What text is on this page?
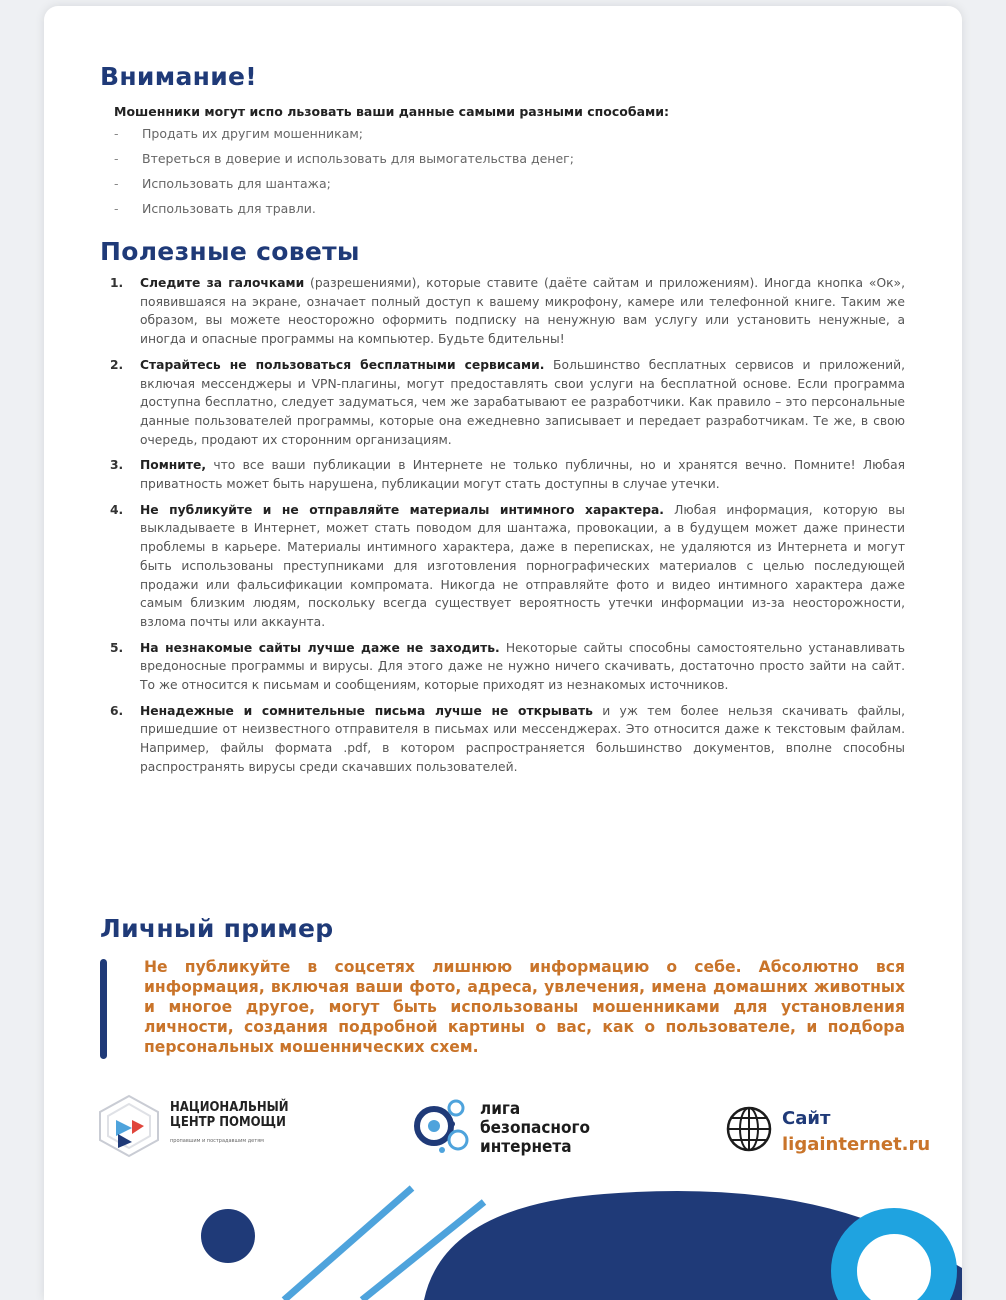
Внимание!
Мошенники могут испо льзовать ваши данные самыми разными способами:
- Продать их другим мошенникам;
- Втереться в доверие и использовать для вымогательства денег;
- Использовать для шантажа;
- Использовать для травли.
Полезные советы
1. Следите за галочками (разрешениями), которые ставите (даёте сайтам и приложениям). Иногда кнопка «Ок», появившаяся на экране, означает полный доступ к вашему микрофону, камере или телефонной книге. Таким же образом, вы можете неосторожно оформить подписку на ненужную вам услугу или установить ненужные, а иногда и опасные программы на компьютер. Будьте бдительны!
2. Старайтесь не пользоваться бесплатными сервисами. Большинство бесплатных сервисов и приложений, включая мессенджеры и VPN-плагины, могут предоставлять свои услуги на бесплатной основе. Если программа доступна бесплатно, следует задуматься, чем же зарабатывают ее разработчики. Как правило – это персональные данные пользователей программы, которые она ежедневно записывает и передает разработчикам. Те же, в свою очередь, продают их сторонним организациям.
3. Помните, что все ваши публикации в Интернете не только публичны, но и хранятся вечно. Помните! Любая приватность может быть нарушена, публикации могут стать доступны в случае утечки.
4. Не публикуйте и не отправляйте материалы интимного характера. Любая информация, которую вы выкладываете в Интернет, может стать поводом для шантажа, провокации, а в будущем может даже принести проблемы в карьере. Материалы интимного характера, даже в переписках, не удаляются из Интернета и могут быть использованы преступниками для изготовления порнографических материалов с целью последующей продажи или фальсификации компромата. Никогда не отправляйте фото и видео интимного характера даже самым близким людям, поскольку всегда существует вероятность утечки информации из-за неосторожности, взлома почты или аккаунта.
5. На незнакомые сайты лучше даже не заходить. Некоторые сайты способны самостоятельно устанавливать вредоносные программы и вирусы. Для этого даже не нужно ничего скачивать, достаточно просто зайти на сайт. То же относится к письмам и сообщениям, которые приходят из незнакомых источников.
6. Ненадежные и сомнительные письма лучше не открывать и уж тем более нельзя скачивать файлы, пришедшие от неизвестного отправителя в письмах или мессенджерах. Это относится даже к текстовым файлам. Например, файлы формата .pdf, в котором распространяется большинство документов, вполне способны распространять вирусы среди скачавших пользователей.
Личный пример
Не публикуйте в соцсетях лишнюю информацию о себе. Абсолютно вся информация, включая ваши фото, адреса, увлечения, имена домашних животных и многое другое, могут быть использованы мошенниками для установления личности, создания подробной картины о вас, как о пользователе, и подбора персональных мошеннических схем.
НАЦИОНАЛЬНЫЙ
ЦЕНТР ПОМОЩИ
пропавшим и пострадавшим детям
лига
безопасного
интернета
Сайт
ligainternet.ru
